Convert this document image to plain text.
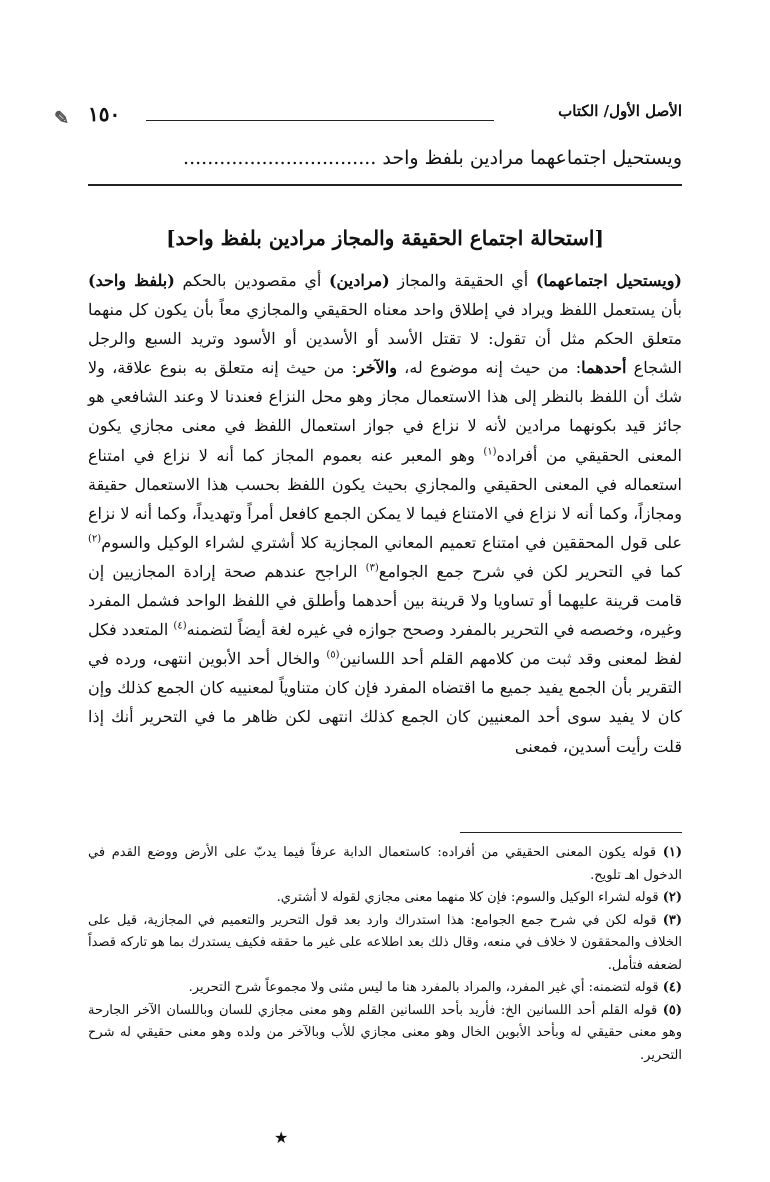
١٥٠	الأصل الأول/ الكتاب
✎
ويستحيل اجتماعهما مرادين بلفظ واحد ................................
[استحالة اجتماع الحقيقة والمجاز مرادين بلفظ واحد]
(ويستحيل اجتماعهما) أي الحقيقة والمجاز (مرادين) أي مقصودين بالحكم (بلفظ واحد) بأن يستعمل اللفظ ويراد في إطلاق واحد معناه الحقيقي والمجازي معاً بأن يكون كل منهما متعلق الحكم مثل أن تقول: لا تقتل الأسد أو الأسدين أو الأسود وتريد السبع والرجل الشجاع أحدهما: من حيث إنه موضوع له، والآخر: من حيث إنه متعلق به بنوع علاقة، ولا شك أن اللفظ بالنظر إلى هذا الاستعمال مجاز وهو محل النزاع فعندنا لا وعند الشافعي هو جائز قيد بكونهما مرادين لأنه لا نزاع في جواز استعمال اللفظ في معنى مجازي يكون المعنى الحقيقي من أفراده$^{(١)}$ وهو المعبر عنه بعموم المجاز كما أنه لا نزاع في امتناع استعماله في المعنى الحقيقي والمجازي بحيث يكون اللفظ بحسب هذا الاستعمال حقيقة ومجازاً، وكما أنه لا نزاع في الامتناع فيما لا يمكن الجمع كافعل أمراً وتهديداً، وكما أنه لا نزاع على قول المحققين في امتناع تعميم المعاني المجازية كلا أشتري لشراء الوكيل والسوم$^{(٢)}$ كما في التحرير لكن في شرح جمع الجوامع$^{(٣)}$ الراجح عندهم صحة إرادة المجازيين إن قامت قرينة عليهما أو تساويا ولا قرينة بين أحدهما وأطلق في اللفظ الواحد فشمل المفرد وغيره، وخصصه في التحرير بالمفرد وصحح جوازه في غيره لغة أيضاً لتضمنه$^{(٤)}$ المتعدد فكل لفظ لمعنى وقد ثبت من كلامهم القلم أحد اللسانين$^{(٥)}$ والخال أحد الأبوين انتهى، ورده في التقرير بأن الجمع يفيد جميع ما اقتضاه المفرد فإن كان متناوياً لمعنييه كان الجمع كذلك وإن كان لا يفيد سوى أحد المعنيين كان الجمع كذلك انتهى لكن ظاهر ما في التحرير أنك إذا قلت رأيت أسدين، فمعنى

(١) قوله يكون المعنى الحقيقي من أفراده: كاستعمال الدابة عرفاً فيما يدبّ على الأرض ووضع القدم في الدخول اهـ تلويح.

(٢) قوله لشراء الوكيل والسوم: فإن كلا منهما معنى مجازي لقوله لا أشتري.

(٣) قوله لكن في شرح جمع الجوامع: هذا استدراك وارد بعد قول التحرير والتعميم في المجازية، قيل على الخلاف والمحققون لا خلاف في منعه، وقال ذلك بعد اطلاعه على غير ما حققه فكيف يستدرك بما هو تاركه قصداً لضعفه فتأمل.

(٤) قوله لتضمنه: أي غير المفرد، والمراد بالمفرد هنا ما ليس مثنى ولا مجموعاً شرح التحرير.

(٥) قوله القلم أحد اللسانين الخ: فأريد بأحد اللسانين القلم وهو معنى مجازي للسان وباللسان الآخر الجارحة وهو معنى حقيقي له وبأحد الأبوين الخال وهو معنى مجازي للأب وبالآخر من ولده وهو معنى حقيقي له شرح التحرير.

★
